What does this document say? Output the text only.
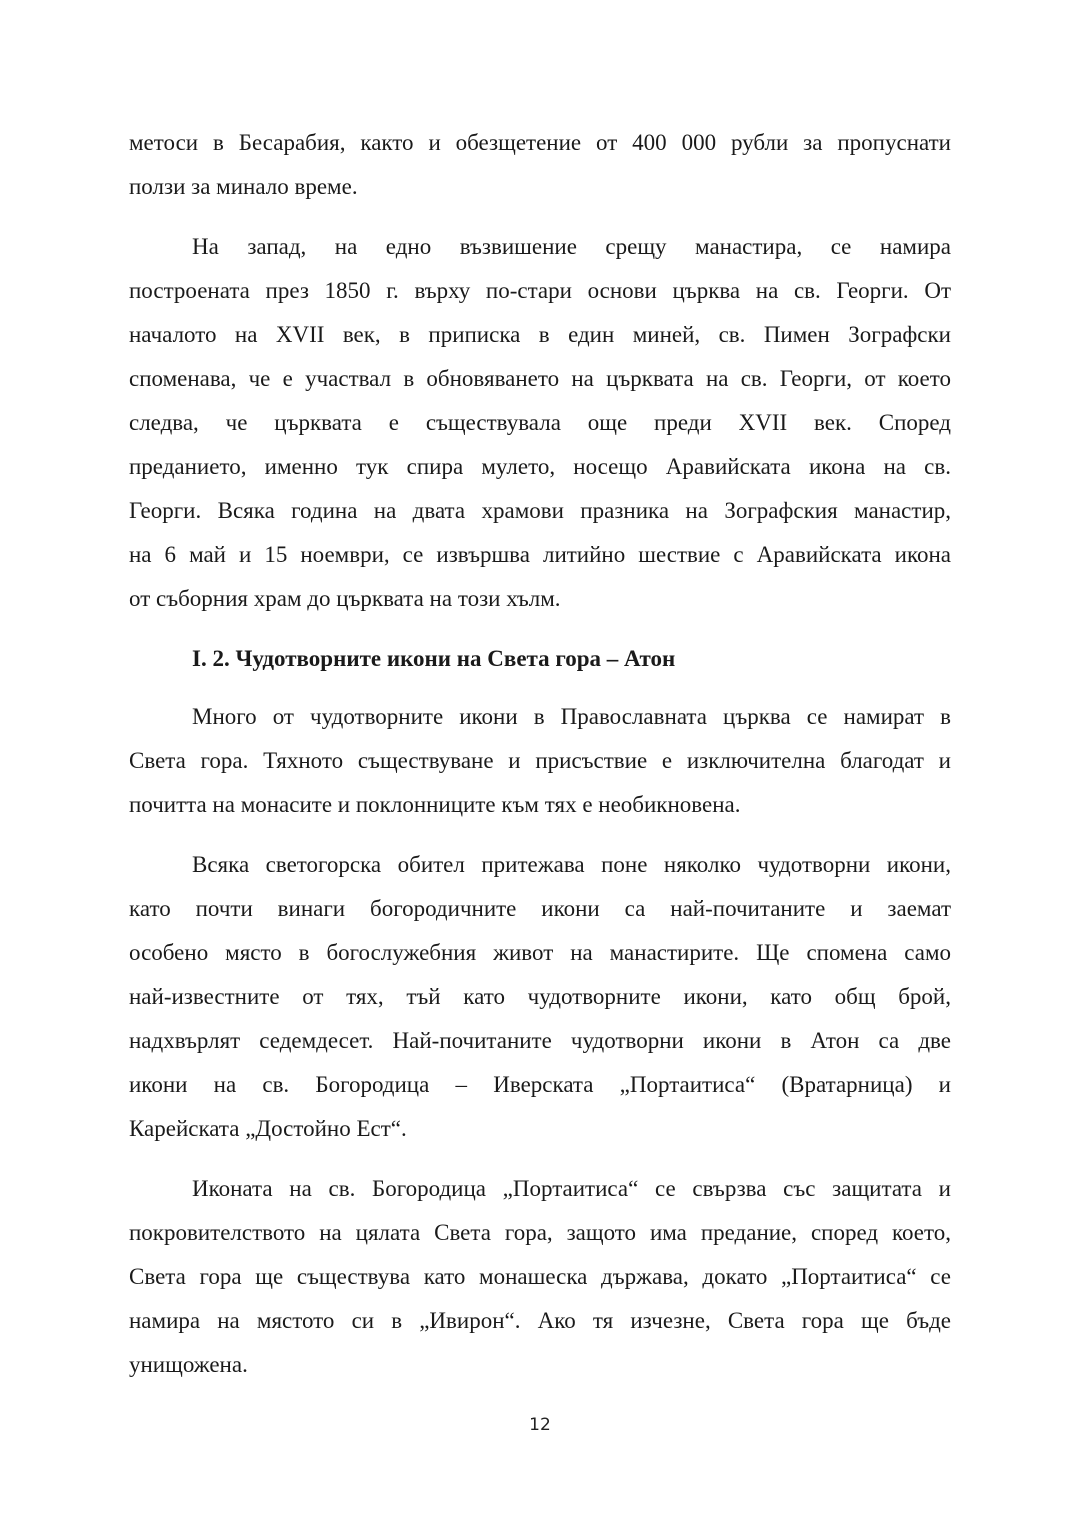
метоси в Бесарабия, както и обезщетение от 400 000 рубли за пропуснати
ползи за минало време.
На запад, на едно възвишение срещу манастира, се намира
построената през 1850 г. върху по-стари основи църква на св. Георги. От
началото на XVII век, в приписка в един миней, св. Пимен Зографски
споменава, че е участвал в обновяването на църквата на св. Георги, от което
следва, че църквата е съществувала още преди XVII век. Според
преданието, именно тук спира мулето, носещо Аравийската икона на св.
Георги. Всяка година на двата храмови празника на Зографския манастир,
на 6 май и 15 ноември, се извършва литийно шествие с Аравийската икона
от съборния храм до църквата на този хълм.
I. 2. Чудотворните икони на Света гора – Атон
Много от чудотворните икони в Православната църква се намират в
Света гора. Тяхното съществуване и присъствие е изключителна благодат и
почитта на монасите и поклонниците към тях е необикновена.
Всяка светогорска обител притежава поне няколко чудотворни икони,
като почти винаги богородичните икони са най-почитаните и заемат
особено място в богослужебния живот на манастирите. Ще спомена само
най-известните от тях, тъй като чудотворните икони, като общ брой,
надхвърлят седемдесет. Най-почитаните чудотворни икони в Атон са две
икони на св. Богородица – Иверската „Портаитиса“ (Вратарница) и
Карейската „Достойно Ест“.
Иконата на св. Богородица „Портаитиса“ се свързва със защитата и
покровителството на цялата Света гора, защото има предание, според което,
Света гора ще съществува като монашеска държава, докато „Портаитиса“ се
намира на мястото си в „Ивирон“. Ако тя изчезне, Света гора ще бъде
унищожена.
12
